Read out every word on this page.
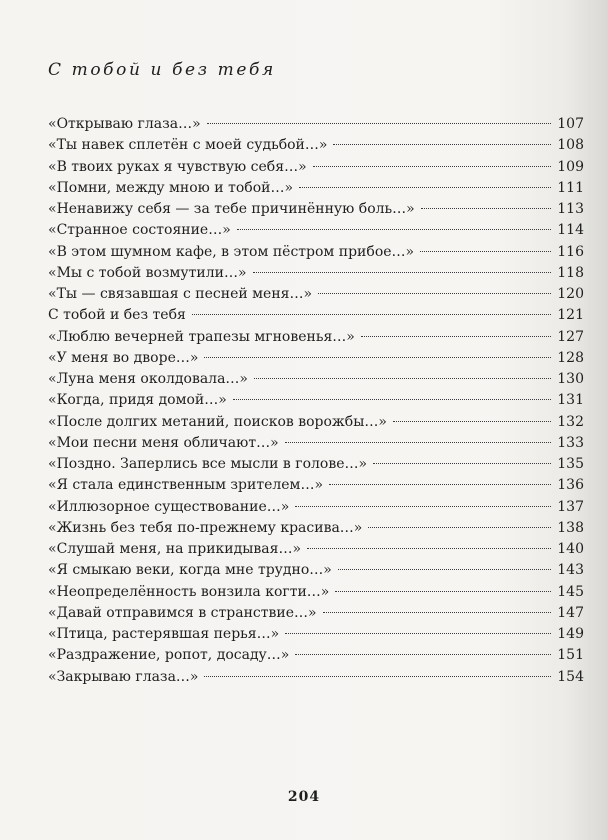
С тобой и без тебя
«Открываю глаза…»	107
«Ты навек сплетён с моей судьбой…»	108
«В твоих руках я чувствую себя…»	109
«Помни, между мною и тобой…»	111
«Ненавижу себя — за тебе причинённую боль…»	113
«Странное состояние…»	114
«В этом шумном кафе, в этом пёстром прибое…»	116
«Мы с тобой возмутили…»	118
«Ты — связавшая с песней меня…»	120
С тобой и без тебя	121
«Люблю вечерней трапезы мгновенья…»	127
«У меня во дворе…»	128
«Луна меня околдовала…»	130
«Когда, придя домой…»	131
«После долгих метаний, поисков ворожбы…»	132
«Мои песни меня обличают…»	133
«Поздно. Заперлись все мысли в голове…»	135
«Я стала единственным зрителем…»	136
«Иллюзорное существование…»	137
«Жизнь без тебя по-прежнему красива…»	138
«Слушай меня, на прикидывая…»	140
«Я смыкаю веки, когда мне трудно…»	143
«Неопределённость вонзила когти…»	145
«Давай отправимся в странствие…»	147
«Птица, растерявшая перья…»	149
«Раздражение, ропот, досаду…»	151
«Закрываю глаза…»	154
204
